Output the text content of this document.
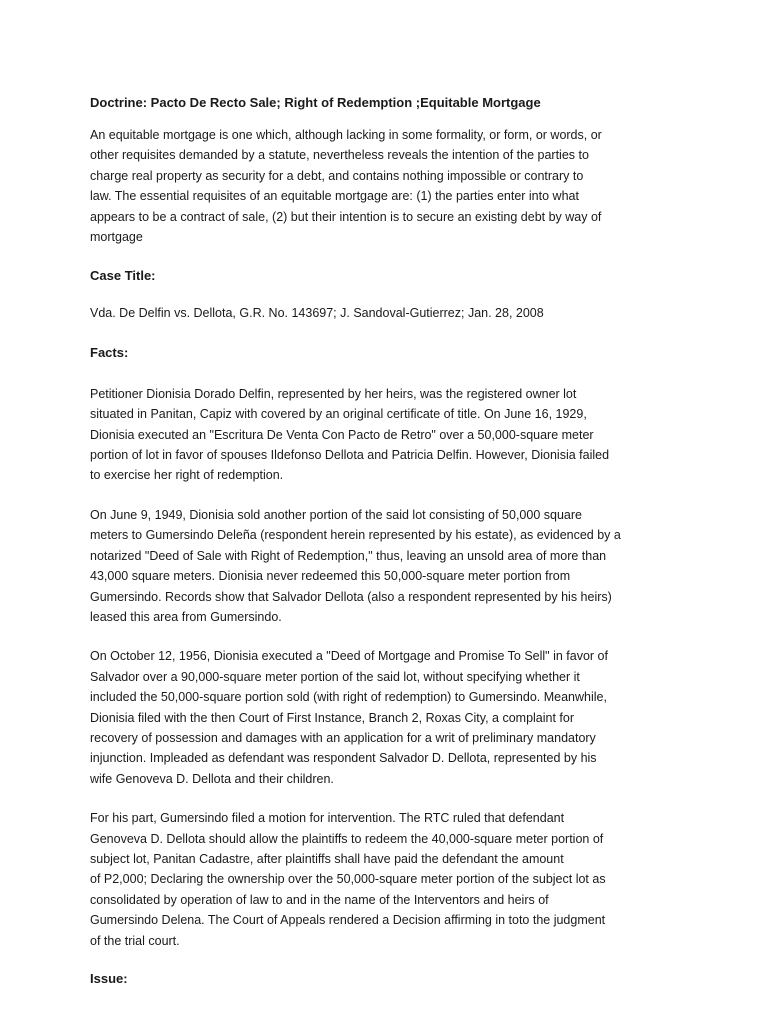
Doctrine: Pacto De Recto Sale; Right of Redemption ;Equitable Mortgage

An equitable mortgage is one which, although lacking in some formality, or form, or words, or

other requisites demanded by a statute, nevertheless reveals the intention of the parties to

charge real property as security for a debt, and contains nothing impossible or contrary to

law. The essential requisites of an equitable mortgage are: (1) the parties enter into what

appears to be a contract of sale, (2) but their intention is to secure an existing debt by way of

mortgage

Case Title:

Vda. De Delfin vs. Dellota, G.R. No. 143697; J. Sandoval-Gutierrez; Jan. 28, 2008

Facts:

Petitioner Dionisia Dorado Delfin, represented by her heirs, was the registered owner lot

situated in Panitan, Capiz with covered by an original certificate of title. On June 16, 1929,

Dionisia executed an "Escritura De Venta Con Pacto de Retro" over a 50,000-square meter

portion of lot in favor of spouses Ildefonso Dellota and Patricia Delfin. However, Dionisia failed

to exercise her right of redemption.

On June 9, 1949, Dionisia sold another portion of the said lot consisting of 50,000 square

meters to Gumersindo Deleña (respondent herein represented by his estate), as evidenced by a

notarized "Deed of Sale with Right of Redemption," thus, leaving an unsold area of more than

43,000 square meters. Dionisia never redeemed this 50,000-square meter portion from

Gumersindo. Records show that Salvador Dellota (also a respondent represented by his heirs)

leased this area from Gumersindo.

On October 12, 1956, Dionisia executed a "Deed of Mortgage and Promise To Sell" in favor of

Salvador over a 90,000-square meter portion of the said lot, without specifying whether it

included the 50,000-square portion sold (with right of redemption) to Gumersindo. Meanwhile,

Dionisia filed with the then Court of First Instance, Branch 2, Roxas City, a complaint for

recovery of possession and damages with an application for a writ of preliminary mandatory

injunction. Impleaded as defendant was respondent Salvador D. Dellota, represented by his

wife Genoveva D. Dellota and their children.

For his part, Gumersindo filed a motion for intervention. The RTC ruled that defendant

Genoveva D. Dellota should allow the plaintiffs to redeem the 40,000-square meter portion of

subject lot, Panitan Cadastre, after plaintiffs shall have paid the defendant the amount

of P2,000; Declaring the ownership over the 50,000-square meter portion of the subject lot as

consolidated by operation of law to and in the name of the Interventors and heirs of

Gumersindo Delena. The Court of Appeals rendered a Decision affirming in toto the judgment

of the trial court.

Issue:
